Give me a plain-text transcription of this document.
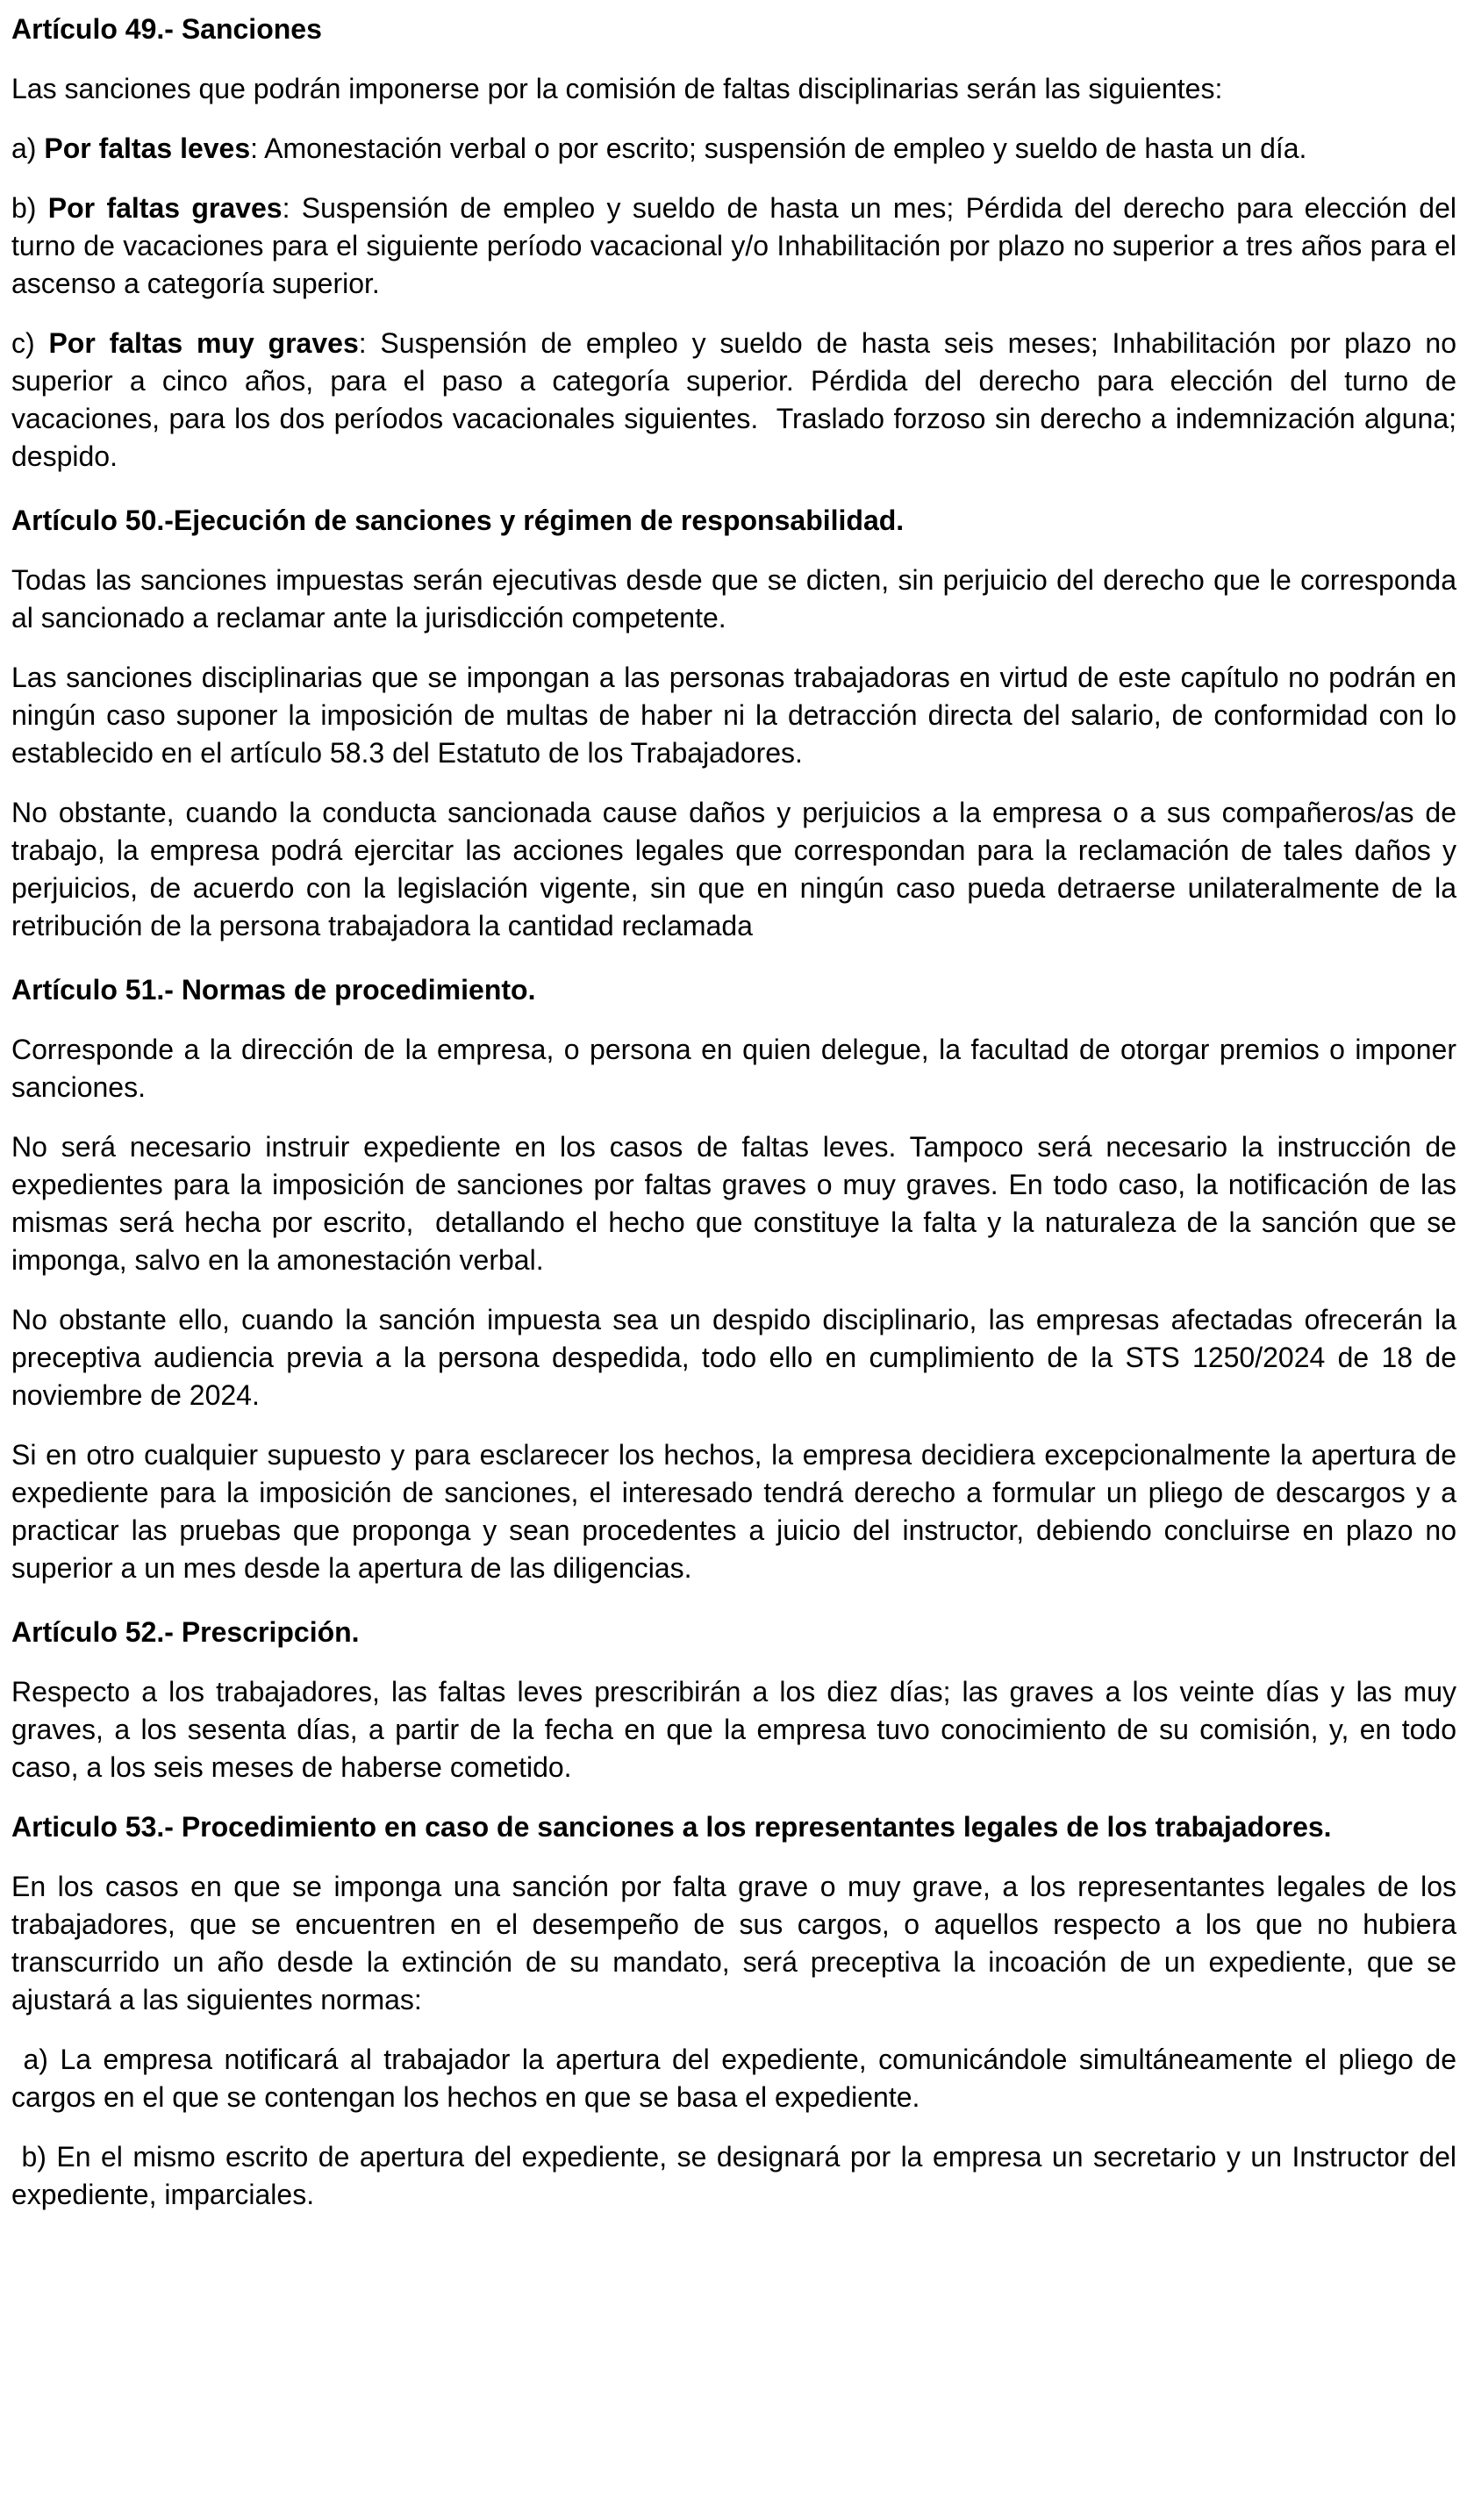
Artículo 49.- Sanciones

Las sanciones que podrán imponerse por la comisión de faltas disciplinarias serán las siguientes:

a) Por faltas leves: Amonestación verbal o por escrito; suspensión de empleo y sueldo de hasta un día.

b) Por faltas graves: Suspensión de empleo y sueldo de hasta un mes; Pérdida del derecho para elección del turno de vacaciones para el siguiente período vacacional y/o Inhabilitación por plazo no superior a tres años para el ascenso a categoría superior.

c) Por faltas muy graves: Suspensión de empleo y sueldo de hasta seis meses; Inhabilitación por plazo no superior a cinco años, para el paso a categoría superior. Pérdida del derecho para elección del turno de vacaciones, para los dos períodos vacacionales siguientes.  Traslado forzoso sin derecho a indemnización alguna;  despido.

Artículo 50.-Ejecución de sanciones y régimen de responsabilidad.

Todas las sanciones impuestas serán ejecutivas desde que se dicten, sin perjuicio del derecho que le corresponda al sancionado a reclamar ante la jurisdicción competente.

Las sanciones disciplinarias que se impongan a las personas trabajadoras en virtud de este capítulo no podrán en ningún caso suponer la imposición de multas de haber ni la detracción directa del salario, de conformidad con lo establecido en el artículo 58.3 del Estatuto de los Trabajadores.

No obstante, cuando la conducta sancionada cause daños y perjuicios a la empresa o a sus compañeros/as de trabajo, la empresa podrá ejercitar las acciones legales que correspondan para la reclamación de tales daños y perjuicios, de acuerdo con la legislación vigente, sin que en ningún caso pueda detraerse unilateralmente de la retribución de la persona trabajadora la cantidad reclamada

Artículo 51.- Normas de procedimiento.

Corresponde a la dirección de la empresa, o persona en quien delegue, la facultad de otorgar premios o imponer sanciones.

No será necesario instruir expediente en los casos de faltas leves. Tampoco será necesario la instrucción de expedientes para la imposición de sanciones por faltas graves o muy graves. En todo caso, la notificación de las mismas será hecha por escrito,  detallando el hecho que constituye la falta y la naturaleza de la sanción que se imponga, salvo en la amonestación verbal.

No obstante ello, cuando la sanción impuesta sea un despido disciplinario, las empresas afectadas ofrecerán la preceptiva audiencia previa a la persona despedida, todo ello en cumplimiento de la STS 1250/2024 de 18 de noviembre de 2024.

Si en otro cualquier supuesto y para esclarecer los hechos, la empresa decidiera excepcionalmente la apertura de expediente para la imposición de sanciones, el interesado tendrá derecho a formular un pliego de descargos y a practicar las pruebas que proponga y sean procedentes a juicio del instructor, debiendo concluirse en plazo no superior a un mes desde la apertura de las diligencias.

Artículo 52.- Prescripción.

Respecto a los trabajadores, las faltas leves prescribirán a los diez días; las graves a los veinte días y las muy graves, a los sesenta días, a partir de la fecha en que la empresa tuvo conocimiento de su comisión, y, en todo caso, a los seis meses de haberse cometido.

Articulo 53.- Procedimiento en caso de sanciones a los representantes legales de los trabajadores.

En los casos en que se imponga una sanción por falta grave o muy grave, a los representantes legales de los trabajadores, que se encuentren en el desempeño de sus cargos, o aquellos respecto a los que no hubiera transcurrido un año desde la extinción de su mandato, será preceptiva la incoación de un expediente, que se ajustará a las siguientes normas:

a) La empresa notificará al trabajador la apertura del expediente, comunicándole simultáneamente el pliego de cargos en el que se contengan los hechos en que se basa el expediente.

b) En el mismo escrito de apertura del expediente, se designará por la empresa un secretario y un Instructor del expediente, imparciales.
